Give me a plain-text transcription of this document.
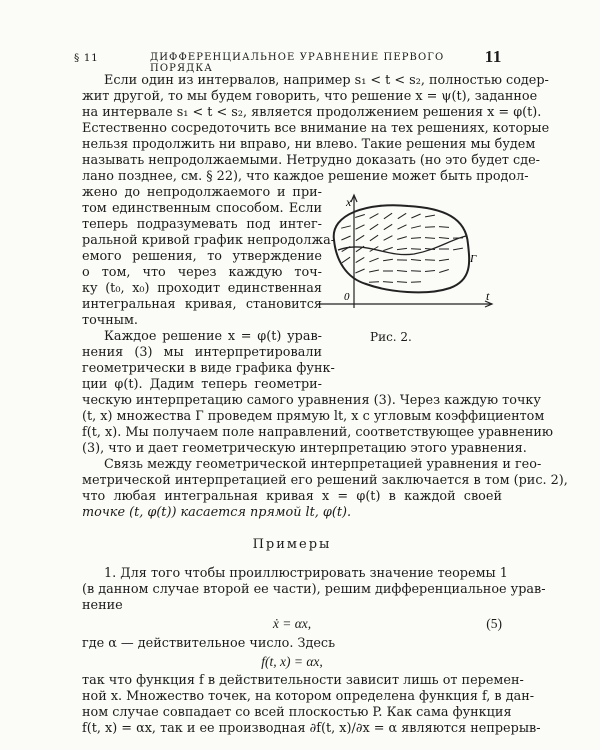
§ 11	ДИФФЕРЕНЦИАЛЬНОЕ УРАВНЕНИЕ ПЕРВОГО ПОРЯДКА
11
Если один из интервалов, например s₁ < t < s₂, полностью содер-
жит другой, то мы будем говорить, что решение x = ψ(t), заданное
на интервале s₁ < t < s₂, является продолжением решения x = φ(t).
Естественно сосредоточить все внимание на тех решениях, которые
нельзя продолжить ни вправо, ни влево. Такие решения мы будем
называть непродолжаемыми. Нетрудно доказать (но это будет сде-
лано позднее, см. § 22), что каждое решение может быть продол-
жено до непродолжаемого и при-
том единственным способом. Если
теперь подразумевать под интег-
ральной кривой график непродолжа-
емого решения, то утверждение
о том, что через каждую точ-
ку (t₀, x₀) проходит единственная
интегральная кривая, становится
точным.
Каждое решение x = φ(t) урав-
нения (3) мы интерпретировали
геометрически в виде графика функ-
ции φ(t). Дадим теперь геометри-
ческую интерпретацию самого уравнения (3). Через каждую точку
(t, x) множества Г проведем прямую lt, x с угловым коэффициентом
f(t, x). Мы получаем поле направлений, соответствующее уравнению
(3), что и дает геометрическую интерпретацию этого уравнения.
Связь между геометрической интерпретацией уравнения и гео-
метрической интерпретацией его решений заключается в том (рис. 2),
что любая интегральная кривая x = φ(t) в каждой своей
точке (t, φ(t)) касается прямой lt, φ(t).
Примеры
1. Для того чтобы проиллюстрировать значение теоремы 1
(в данном случае второй ее части), решим дифференциальное урав-
нение
ẋ = αx,	(5)
где α — действительное число. Здесь
f(t, x) = αx,
так что функция f в действительности зависит лишь от перемен-
ной x. Множество точек, на котором определена функция f, в дан-
ном случае совпадает со всей плоскостью P. Как сама функция
f(t, x) = αx, так и ее производная ∂f(t, x)/∂x = α являются непрерыв-
x
t
0
Г
Рис. 2.
